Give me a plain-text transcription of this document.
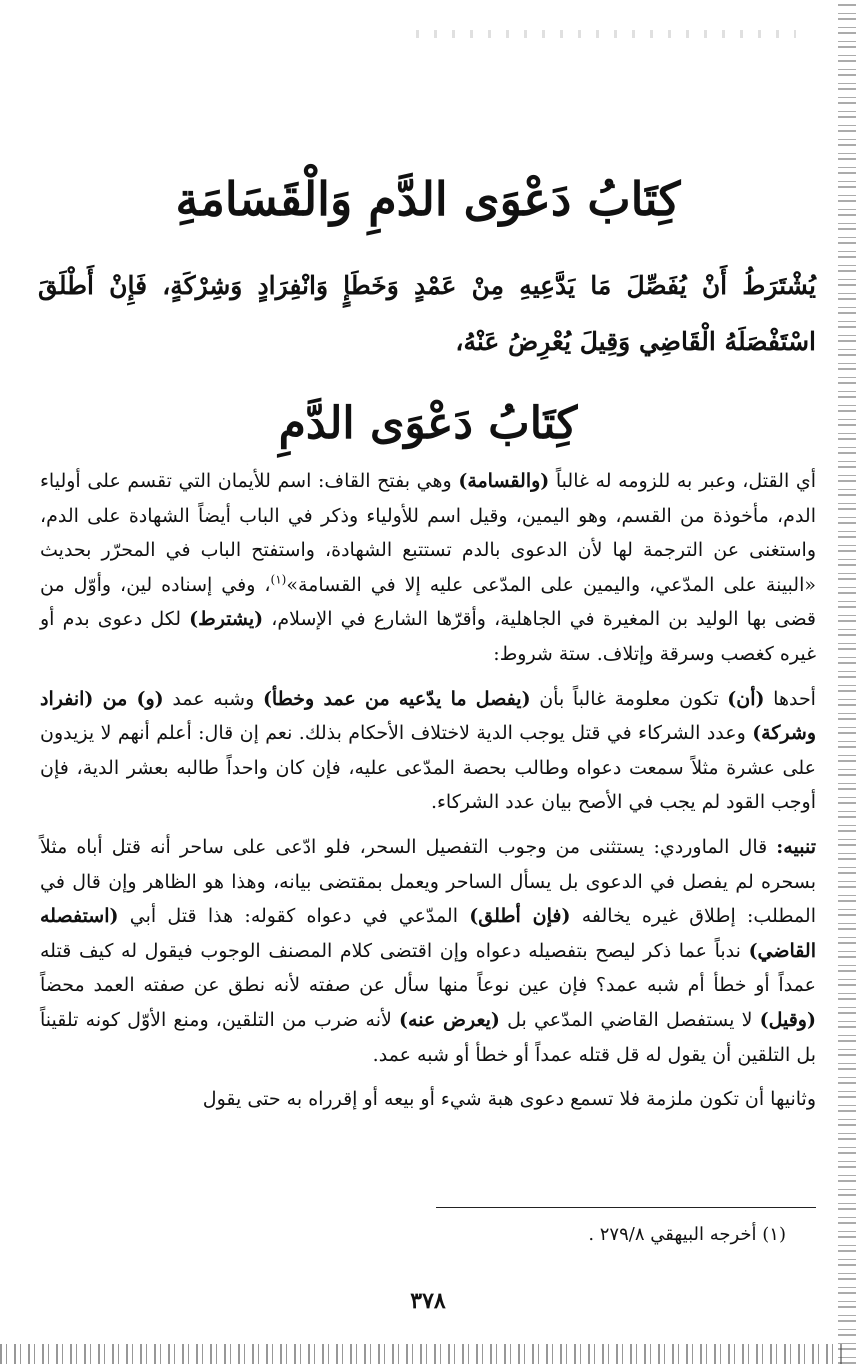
كِتَابُ دَعْوَى الدَّمِ وَالْقَسَامَةِ
يُشْتَرَطُ أَنْ يُفَصِّلَ مَا يَدَّعِيهِ مِنْ عَمْدٍ وَخَطَإٍ وَانْفِرَادٍ وَشِرْكَةٍ، فَإِنْ أَطْلَقَ اسْتَفْصَلَهُ الْقَاضِي وَقِيلَ يُعْرِضُ عَنْهُ،
كِتَابُ دَعْوَى الدَّمِ

أي القتل، وعبر به للزومه له غالباً (والقسامة) وهي بفتح القاف: اسم للأيمان التي تقسم على أولياء الدم، مأخوذة من القسم، وهو اليمين، وقيل اسم للأولياء وذكر في الباب أيضاً الشهادة على الدم، واستغنى عن الترجمة لها لأن الدعوى بالدم تستتبع الشهادة، واستفتح الباب في المحرّر بحديث «البينة على المدّعي، واليمين على المدّعى عليه إلا في القسامة»$^{(١)}$، وفي إسناده لين، وأوّل من قضى بها الوليد بن المغيرة في الجاهلية، وأقرّها الشارع في الإسلام، (يشترط) لكل دعوى بدم أو غيره كغصب وسرقة وإتلاف. ستة شروط:

أحدها (أن) تكون معلومة غالباً بأن (يفصل ما يدّعيه من عمد وخطأ) وشبه عمد (و) من (انفراد وشركة) وعدد الشركاء في قتل يوجب الدية لاختلاف الأحكام بذلك. نعم إن قال: أعلم أنهم لا يزيدون على عشرة مثلاً سمعت دعواه وطالب بحصة المدّعى عليه، فإن كان واحداً طالبه بعشر الدية، فإن أوجب القود لم يجب في الأصح بيان عدد الشركاء.

تنبيه: قال الماوردي: يستثنى من وجوب التفصيل السحر، فلو ادّعى على ساحر أنه قتل أباه مثلاً بسحره لم يفصل في الدعوى بل يسأل الساحر ويعمل بمقتضى بيانه، وهذا هو الظاهر وإن قال في المطلب: إطلاق غيره يخالفه (فإن أطلق) المدّعي في دعواه كقوله: هذا قتل أبي (استفصله القاضي) ندباً عما ذكر ليصح بتفصيله دعواه وإن اقتضى كلام المصنف الوجوب فيقول له كيف قتله عمداً أو خطأ أم شبه عمد؟ فإن عين نوعاً منها سأل عن صفته لأنه نطق عن صفته العمد محضاً (وقيل) لا يستفصل القاضي المدّعي بل (يعرض عنه) لأنه ضرب من التلقين، ومنع الأوّل كونه تلقيناً بل التلقين أن يقول له قل قتله عمداً أو خطأ أو شبه عمد.

وثانيها أن تكون ملزمة فلا تسمع دعوى هبة شيء أو بيعه أو إقرراه به حتى يقول

(١) أخرجه البيهقي ٢٧٩/٨ .
٣٧٨
